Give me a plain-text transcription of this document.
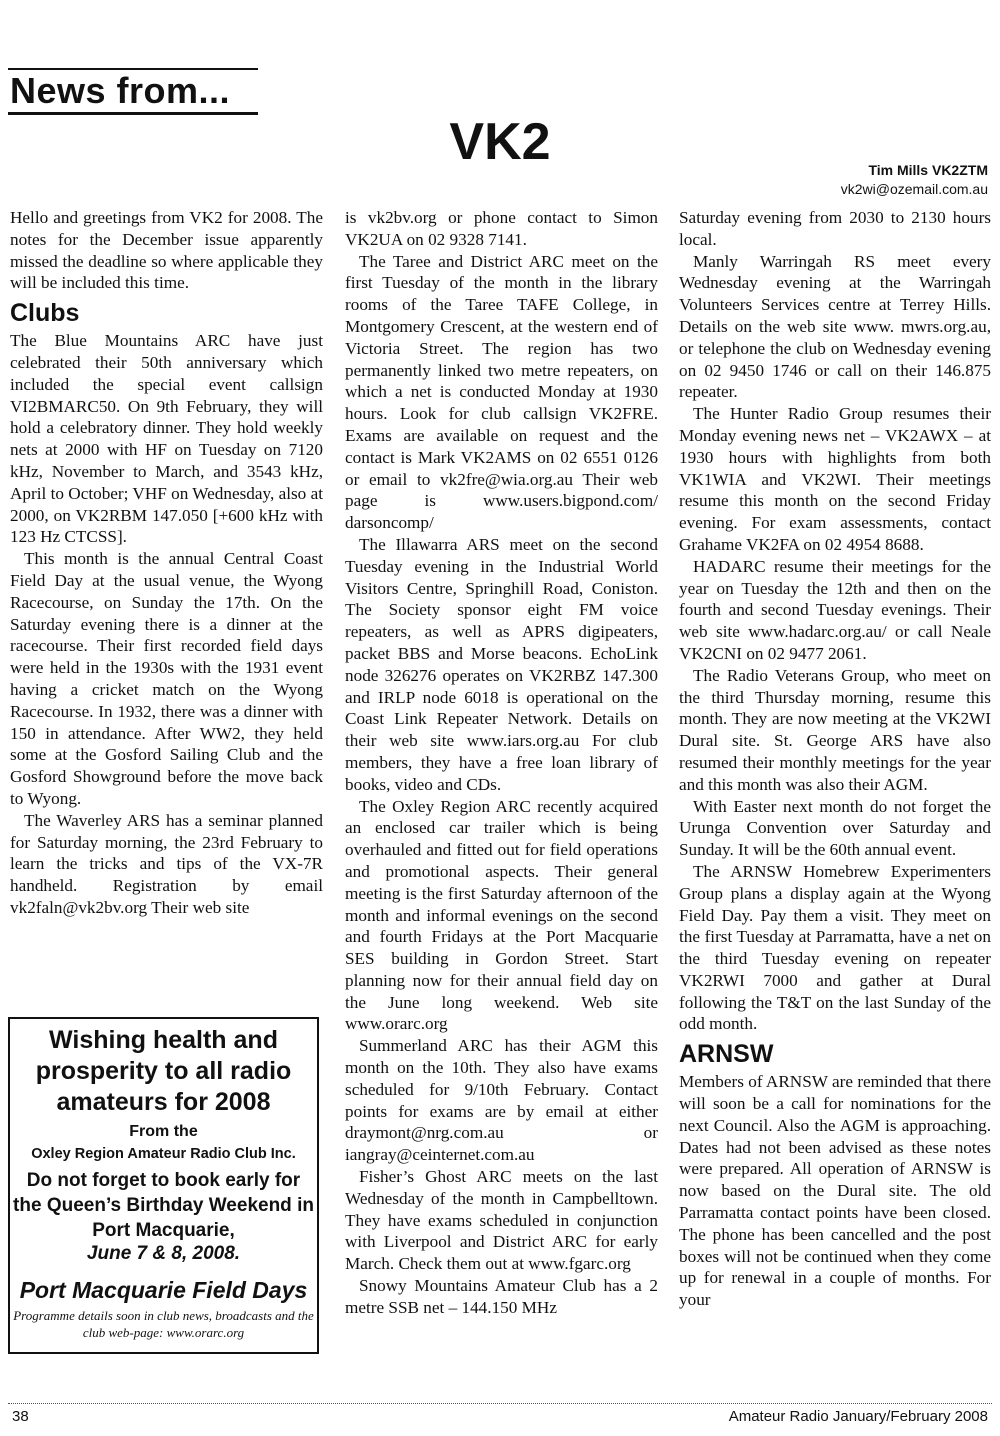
News from...
VK2	Tim Mills VK2ZTM
vk2wi@ozemail.com.au

Hello and greetings from VK2 for 2008. The notes for the December issue apparently missed the deadline so where applicable they will be included this time.

Clubs

The Blue Mountains ARC have just celebrated their 50th anniversary which included the special event callsign VI2BMARC50. On 9th February, they will hold a celebratory dinner. They hold weekly nets at 2000 with HF on Tuesday on 7120 kHz, November to March, and 3543 kHz, April to October; VHF on Wednesday, also at 2000, on VK2RBM 147.050 [+600 kHz with 123 Hz CTCSS].

This month is the annual Central Coast Field Day at the usual venue, the Wyong Racecourse, on Sunday the 17th. On the Saturday evening there is a dinner at the racecourse. Their first recorded field days were held in the 1930s with the 1931 event having a cricket match on the Wyong Racecourse. In 1932, there was a dinner with 150 in attendance. After WW2, they held some at the Gosford Sailing Club and the Gosford Showground before the move back to Wyong.

The Waverley ARS has a seminar planned for Saturday morning, the 23rd February to learn the tricks and tips of the VX-7R handheld. Registration by email vk2faln@vk2bv.org Their web site

is vk2bv.org or phone contact to Simon VK2UA on 02 9328 7141.

The Taree and District ARC meet on the first Tuesday of the month in the library rooms of the Taree TAFE College, in Montgomery Crescent, at the western end of Victoria Street. The region has two permanently linked two metre repeaters, on which a net is conducted Monday at 1930 hours. Look for club callsign VK2FRE. Exams are available on request and the contact is Mark VK2AMS on 02 6551 0126 or email to vk2fre@wia.org.au Their web page is www.users.bigpond.com/ darsoncomp/

The Illawarra ARS meet on the second Tuesday evening in the Industrial World Visitors Centre, Springhill Road, Coniston. The Society sponsor eight FM voice repeaters, as well as APRS digipeaters, packet BBS and Morse beacons. EchoLink node 326276 operates on VK2RBZ 147.300 and IRLP node 6018 is operational on the Coast Link Repeater Network. Details on their web site www.iars.org.au For club members, they have a free loan library of books, video and CDs.

The Oxley Region ARC recently acquired an enclosed car trailer which is being overhauled and fitted out for field operations and promotional aspects. Their general meeting is the first Saturday afternoon of the month and informal evenings on the second and fourth Fridays at the Port Macquarie SES building in Gordon Street. Start planning now for their annual field day on the June long weekend. Web site www.orarc.org

Summerland ARC has their AGM this month on the 10th. They also have exams scheduled for 9/10th February. Contact points for exams are by email at either draymont@nrg.com.au or iangray@ceinternet.com.au

Fisher’s Ghost ARC meets on the last Wednesday of the month in Campbelltown. They have exams scheduled in conjunction with Liverpool and District ARC for early March. Check them out at www.fgarc.org

Snowy Mountains Amateur Club has a 2 metre SSB net – 144.150 MHz

Saturday evening from 2030 to 2130 hours local.

Manly Warringah RS meet every Wednesday evening at the Warringah Volunteers Services centre at Terrey Hills. Details on the web site www. mwrs.org.au, or telephone the club on Wednesday evening on 02 9450 1746 or call on their 146.875 repeater.

The Hunter Radio Group resumes their Monday evening news net – VK2AWX – at 1930 hours with highlights from both VK1WIA and VK2WI. Their meetings resume this month on the second Friday evening. For exam assessments, contact Grahame VK2FA on 02 4954 8688.

HADARC resume their meetings for the year on Tuesday the 12th and then on the fourth and second Tuesday evenings. Their web site www.hadarc.org.au/ or call Neale VK2CNI on 02 9477 2061.

The Radio Veterans Group, who meet on the third Thursday morning, resume this month. They are now meeting at the VK2WI Dural site. St. George ARS have also resumed their monthly meetings for the year and this month was also their AGM.

With Easter next month do not forget the Urunga Convention over Saturday and Sunday. It will be the 60th annual event.

The ARNSW Homebrew Experimenters Group plans a display again at the Wyong Field Day. Pay them a visit. They meet on the first Tuesday at Parramatta, have a net on the third Tuesday evening on repeater VK2RWI 7000 and gather at Dural following the T&T on the last Sunday of the odd month.

ARNSW

Members of ARNSW are reminded that there will soon be a call for nominations for the next Council. Also the AGM is approaching. Dates had not been advised as these notes were prepared. All operation of ARNSW is now based on the Dural site. The old Parramatta contact points have been closed. The phone has been cancelled and the post boxes will not be continued when they come up for renewal in a couple of months. For your

Wishing health and prosperity to all radio amateurs for 2008
From the
Oxley Region Amateur Radio Club Inc.
Do not forget to book early for the Queen’s Birthday Weekend in Port Macquarie,
June 7 & 8, 2008.
Port Macquarie Field Days
Programme details soon in club news, broadcasts and the club web-page: www.orarc.org
38	Amateur Radio January/February 2008
